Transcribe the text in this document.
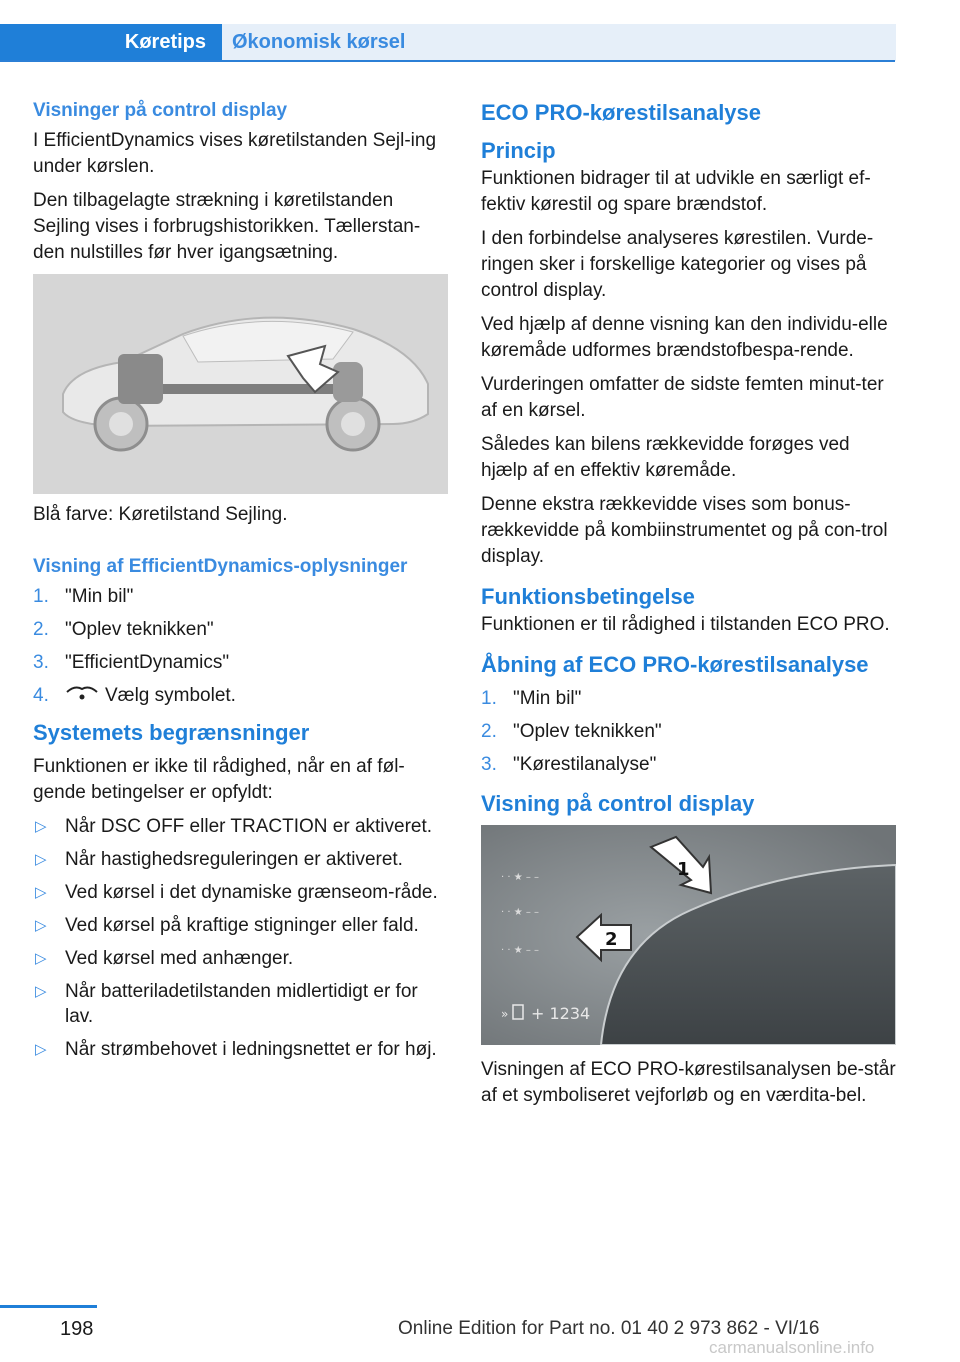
Køretips	Økonomisk kørsel
Visninger på control display

I EfficientDynamics vises køretilstanden Sejl-ing under kørslen.

Den tilbagelagte strækning i køretilstanden Sejling vises i forbrugshistorikken. Tællerstan-den nulstilles før hver igangsætning.

Blå farve: Køretilstand Sejling.
Visning af EfficientDynamics-oplysninger
1. "Min bil"
2. "Oplev teknikken"
3. "EfficientDynamics"
4.	Vælg symbolet.
Systemets begrænsninger

Funktionen er ikke til rådighed, når en af føl-gende betingelser er opfyldt:

▷ Når DSC OFF eller TRACTION er aktiveret.
▷ Når hastighedsreguleringen er aktiveret.
▷ Ved kørsel i det dynamiske grænseom-råde.
▷ Ved kørsel på kraftige stigninger eller fald.
▷ Ved kørsel med anhænger.
▷ Når batteriladetilstanden midlertidigt er for lav.
▷ Når strømbehovet i ledningsnettet er for høj.
ECO PRO-kørestilsanalyse
Princip

Funktionen bidrager til at udvikle en særligt ef-fektiv kørestil og spare brændstof.

I den forbindelse analyseres kørestilen. Vurde-ringen sker i forskellige kategorier og vises på control display.

Ved hjælp af denne visning kan den individu-elle køremåde udformes brændstofbespa-rende.

Vurderingen omfatter de sidste femten minut-ter af en kørsel.

Således kan bilens rækkevidde forøges ved hjælp af en effektiv køremåde.

Denne ekstra rækkevidde vises som bonus-rækkevidde på kombiinstrumentet og på con-trol display.

Funktionsbetingelse

Funktionen er til rådighed i tilstanden ECO PRO.

Åbning af ECO PRO-kørestilsanalyse
1. "Min bil"
2. "Oplev teknikken"
3. "Kørestilanalyse"
Visning på control display
· · ★ – –
· · ★ – –
· · ★ – –
1
2
» + 1234

Visningen af ECO PRO-kørestilsanalysen be-står af et symboliseret vejforløb og en værdita-bel.

198	Online Edition for Part no. 01 40 2 973 862 - VI/16
carmanualsonline.info
